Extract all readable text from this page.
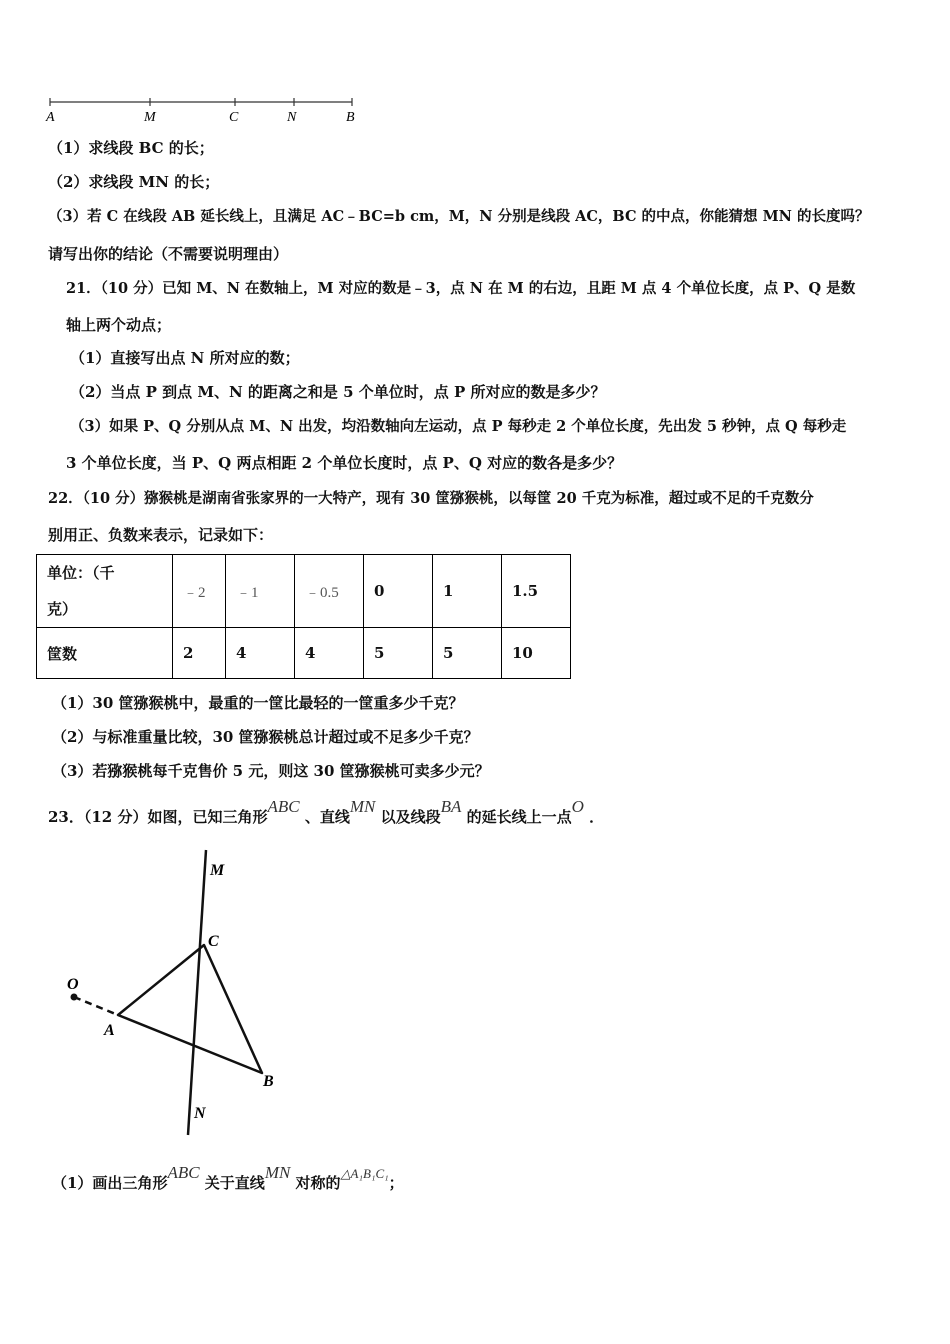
A	M	C	N	B
（1）求线段 BC 的长；
（2）求线段 MN 的长；
（3）若 C 在线段 AB 延长线上，且满足 AC﹣BC=b cm，M，N 分别是线段 AC，BC 的中点，你能猜想 MN 的长度吗？
请写出你的结论（不需要说明理由）
21．（10 分）已知 M、N 在数轴上，M 对应的数是﹣3，点 N 在 M 的右边，且距 M 点 4 个单位长度，点 P、Q 是数
轴上两个动点；
（1）直接写出点 N 所对应的数；
（2）当点 P 到点 M、N 的距离之和是 5 个单位时，点 P 所对应的数是多少？
（3）如果 P、Q 分别从点 M、N 出发，均沿数轴向左运动，点 P 每秒走 2 个单位长度，先出发 5 秒钟，点 Q 每秒走
3 个单位长度，当 P、Q 两点相距 2 个单位长度时，点 P、Q 对应的数各是多少？
22．（10 分）猕猴桃是湖南省张家界的一大特产，现有 30 筐猕猴桃，以每筐 20 千克为标准，超过或不足的千克数分
别用正、负数来表示，记录如下：
单位：（千
克）	﹣2	﹣1	﹣0.5	0	1	1.5
筐数	2	4	4	5	5	10
（1）30 筐猕猴桃中，最重的一筐比最轻的一筐重多少千克？
（2）与标准重量比较，30 筐猕猴桃总计超过或不足多少千克？
（3）若猕猴桃每千克售价 5 元，则这 30 筐猕猴桃可卖多少元？
23．（12 分）如图，已知三角形ABC 、直线MN 以及线段BA 的延长线上一点O ．
M
C
O
A
B
N
（1）画出三角形ABC 关于直线MN 对称的△A₁B₁C₁；
